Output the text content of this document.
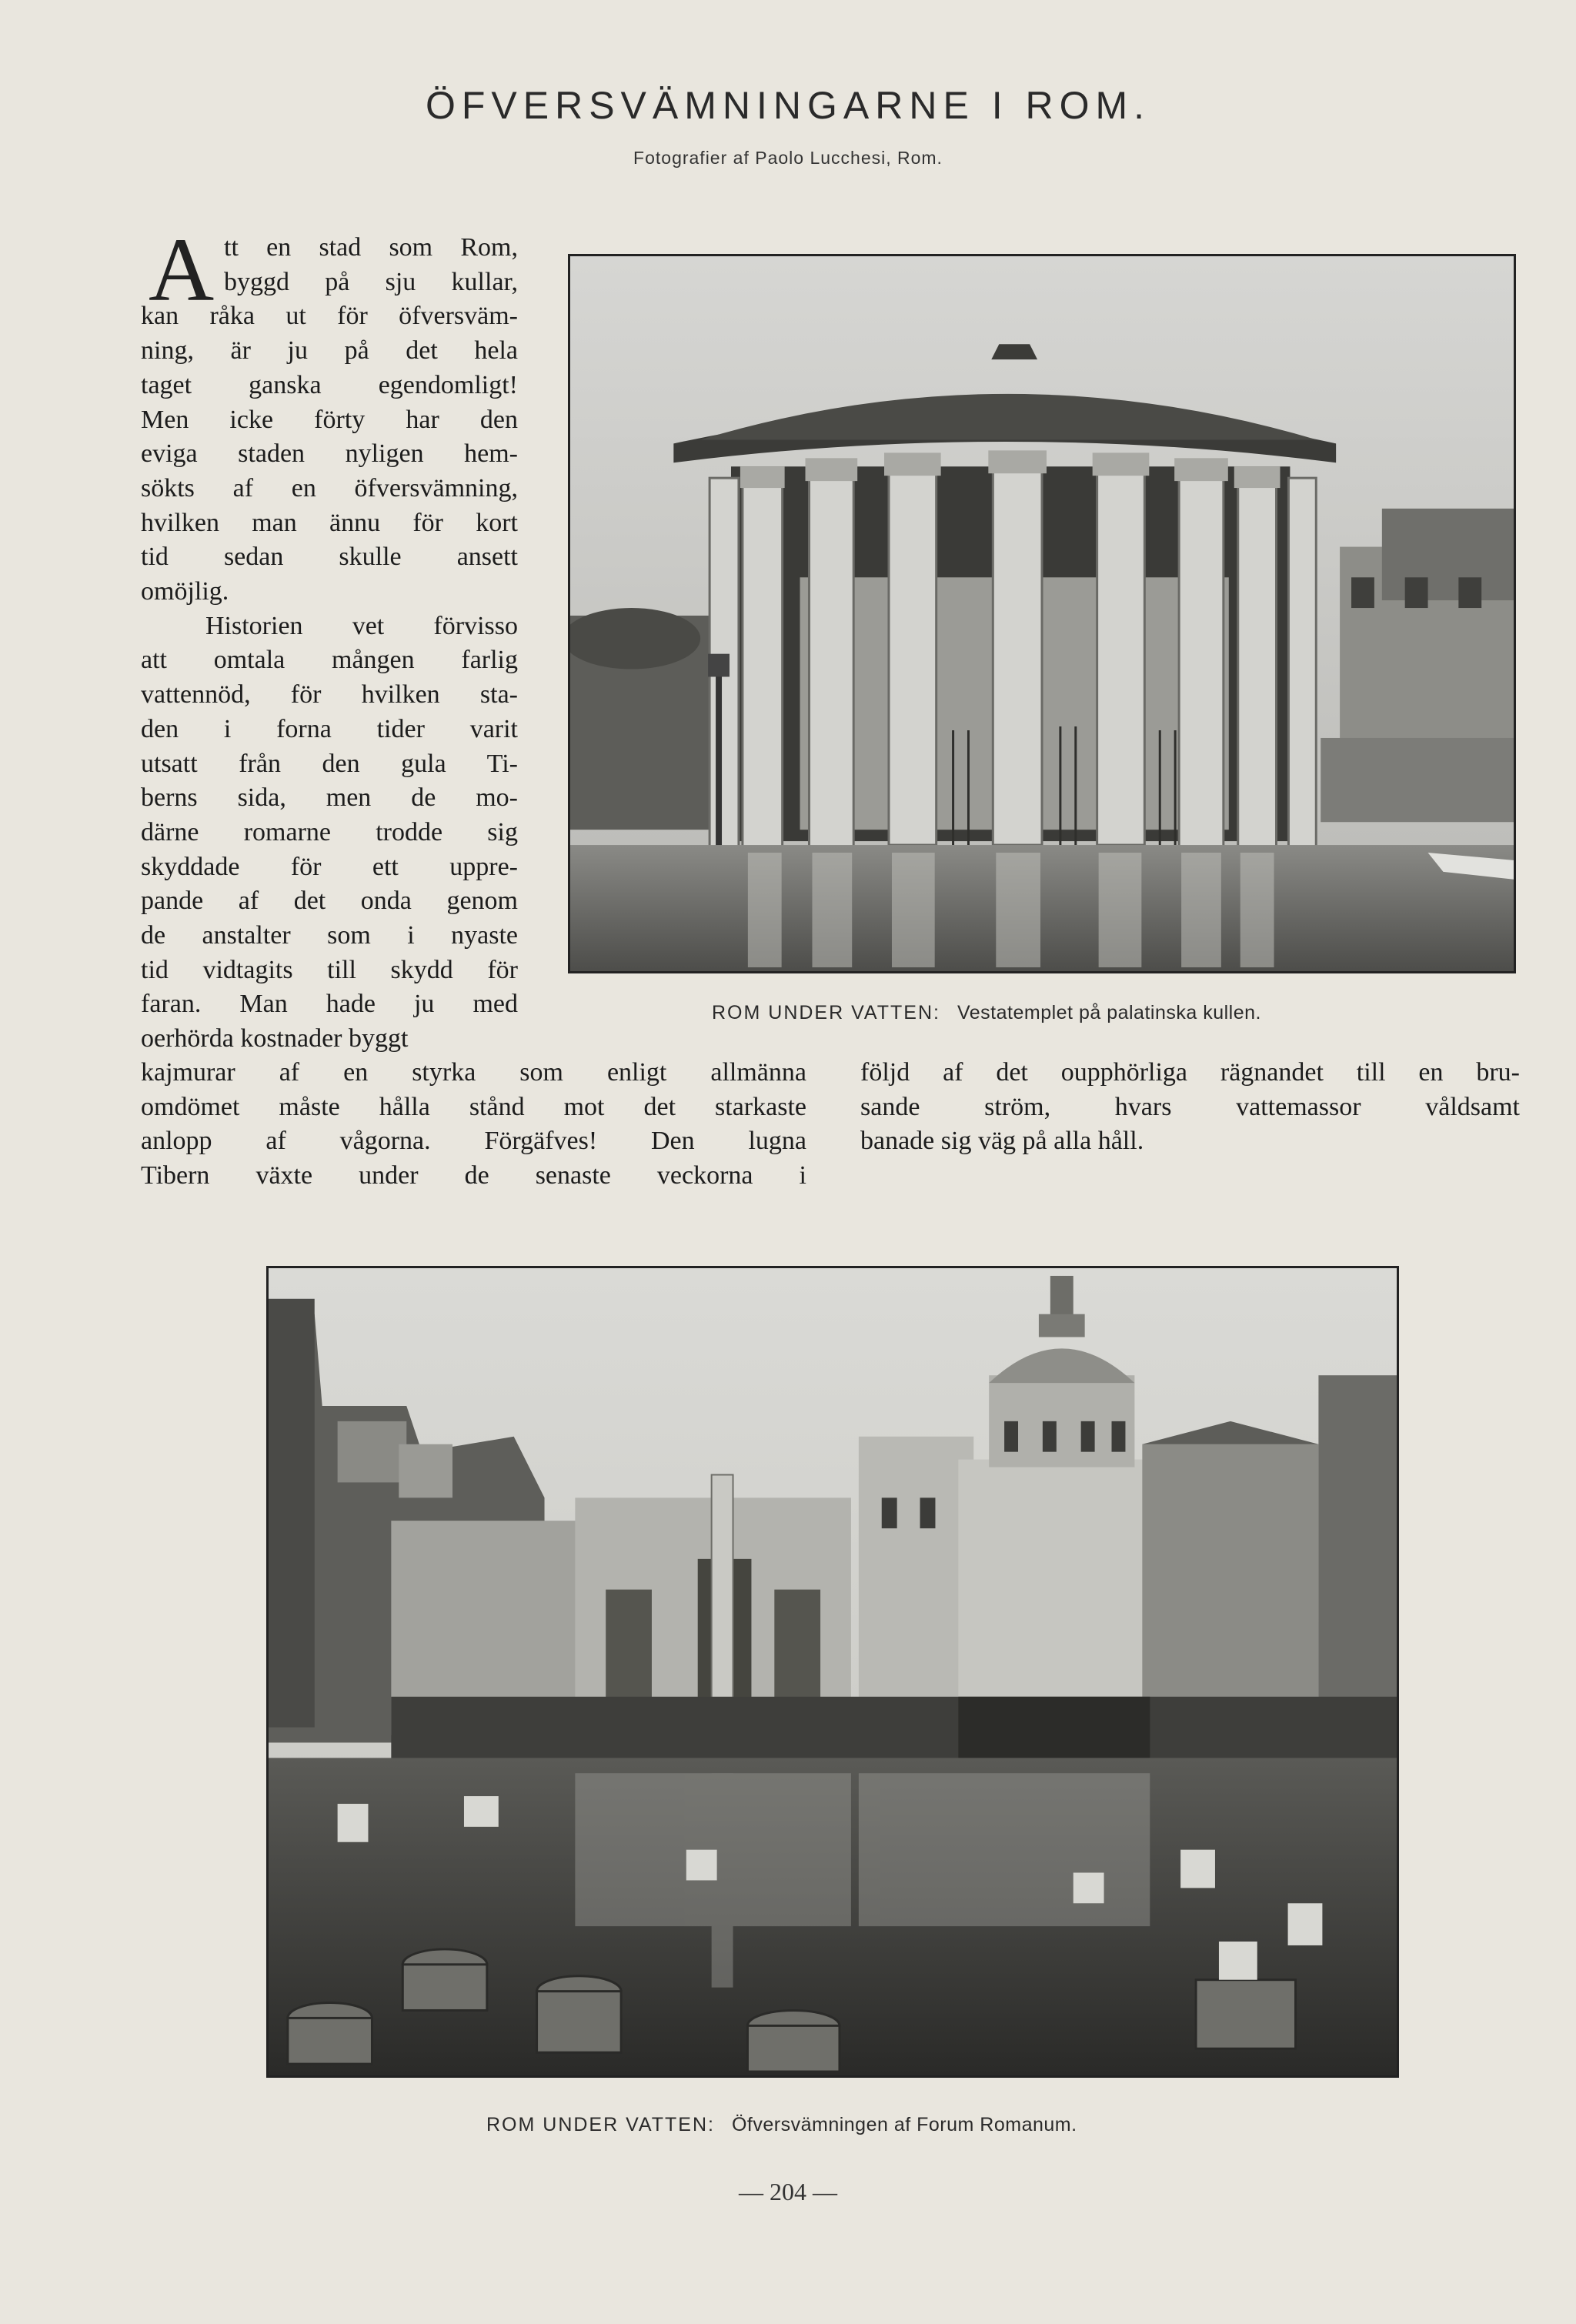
ÖFVERSVÄMNINGARNE I ROM.
Fotografier af Paolo Lucchesi, Rom.
A tt en stad som Rom,
byggd på sju kullar,
kan råka ut för öfversväm-
ning, är ju på det hela
taget ganska egendomligt!
Men icke förty har den
eviga staden nyligen hem-
sökts af en öfversvämning,
hvilken man ännu för kort
tid sedan skulle ansett
omöjlig.
Historien vet förvisso
att omtala mången farlig
vattennöd, för hvilken sta-
den i forna tider varit
utsatt från den gula Ti-
berns sida, men de mo-
därne romarne trodde sig
skyddade för ett uppre-
pande af det onda genom
de anstalter som i nyaste
tid vidtagits till skydd för
faran. Man hade ju med
oerhörda kostnader byggt
ROM UNDER VATTEN: Vestatemplet på palatinska kullen.
kajmurar af en styrka som enligt allmänna
omdömet måste hålla stånd mot det starkaste
anlopp af vågorna. Förgäfves! Den lugna
Tibern växte under de senaste veckorna i
följd af det oupphörliga rägnandet till en bru-
sande ström, hvars vattemassor våldsamt
banade sig väg på alla håll.
ROM UNDER VATTEN: Öfversvämningen af Forum Romanum.
— 204 —
